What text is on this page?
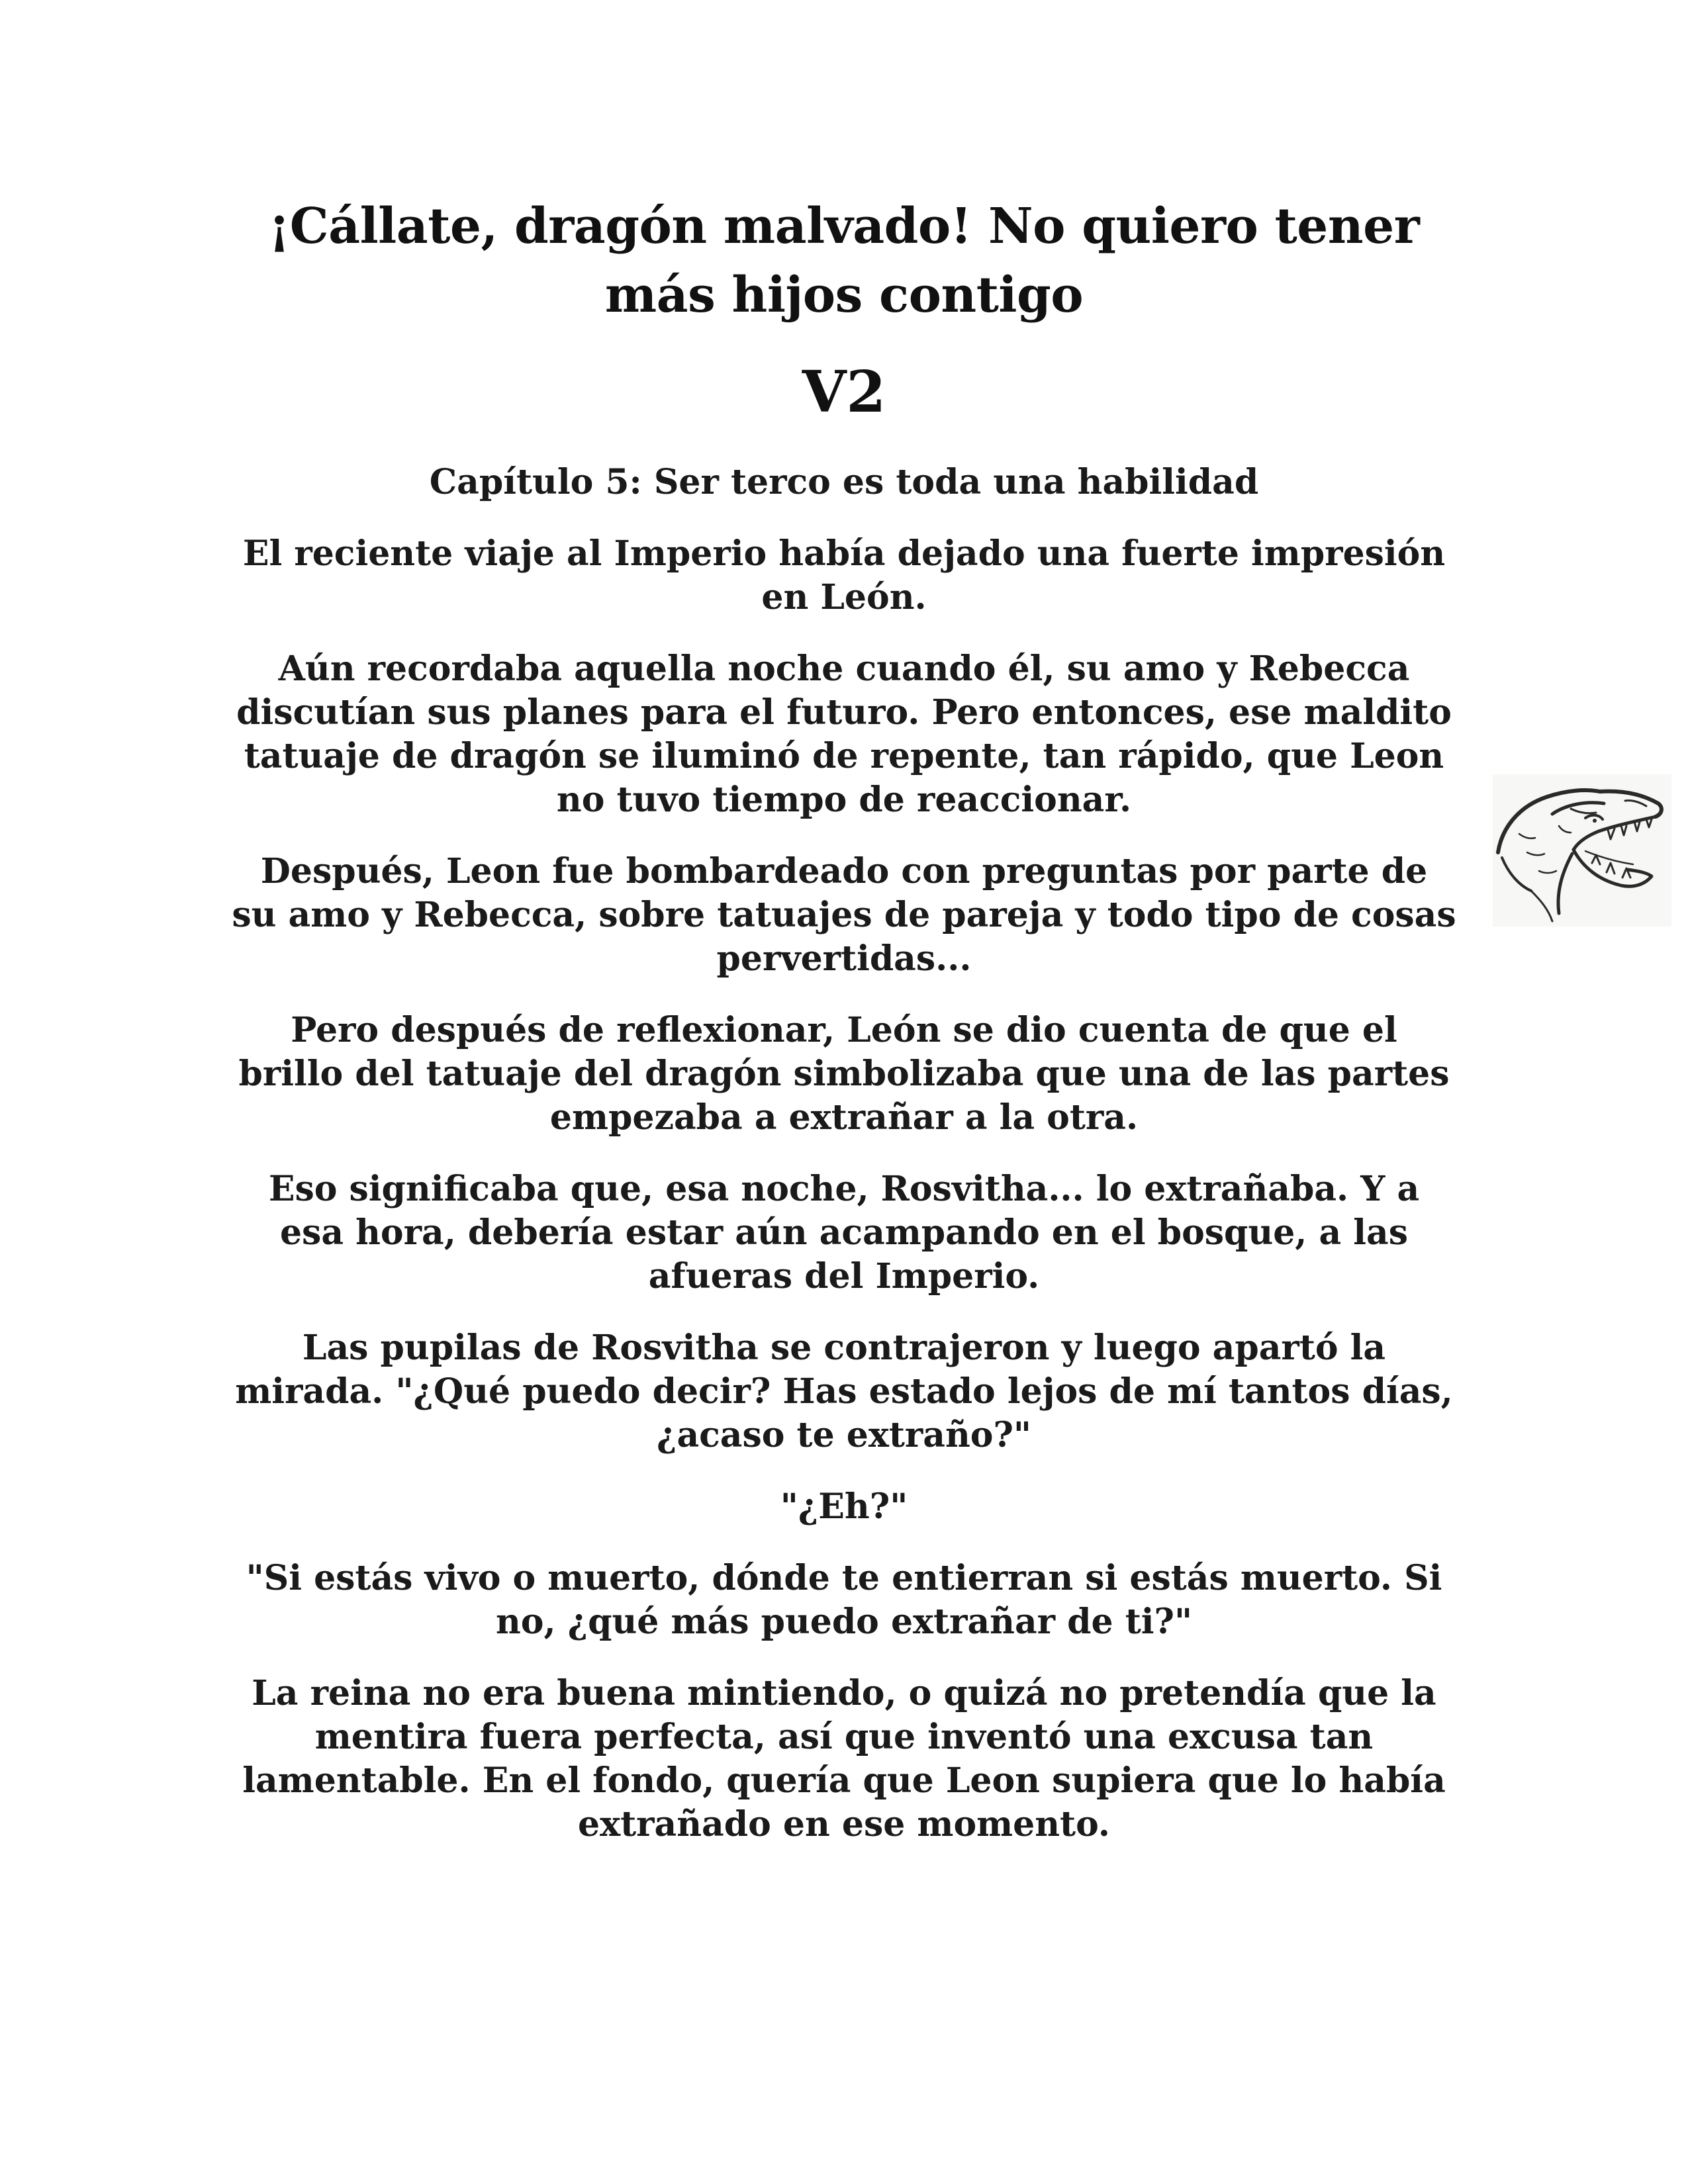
¡Cállate, dragón malvado! No quiero tener
más hijos contigo
V2
Capítulo 5: Ser terco es toda una habilidad
El reciente viaje al Imperio había dejado una fuerte impresión
en León.
Aún recordaba aquella noche cuando él, su amo y Rebecca
discutían sus planes para el futuro. Pero entonces, ese maldito
tatuaje de dragón se iluminó de repente, tan rápido, que Leon
no tuvo tiempo de reaccionar.
Después, Leon fue bombardeado con preguntas por parte de
su amo y Rebecca, sobre tatuajes de pareja y todo tipo de cosas
pervertidas...
Pero después de reflexionar, León se dio cuenta de que el
brillo del tatuaje del dragón simbolizaba que una de las partes
empezaba a extrañar a la otra.
Eso significaba que, esa noche, Rosvitha... lo extrañaba. Y a
esa hora, debería estar aún acampando en el bosque, a las
afueras del Imperio.
Las pupilas de Rosvitha se contrajeron y luego apartó la
mirada. "¿Qué puedo decir? Has estado lejos de mí tantos días,
¿acaso te extraño?"
"¿Eh?"
"Si estás vivo o muerto, dónde te entierran si estás muerto. Si
no, ¿qué más puedo extrañar de ti?"
La reina no era buena mintiendo, o quizá no pretendía que la
mentira fuera perfecta, así que inventó una excusa tan
lamentable. En el fondo, quería que Leon supiera que lo había
extrañado en ese momento.
